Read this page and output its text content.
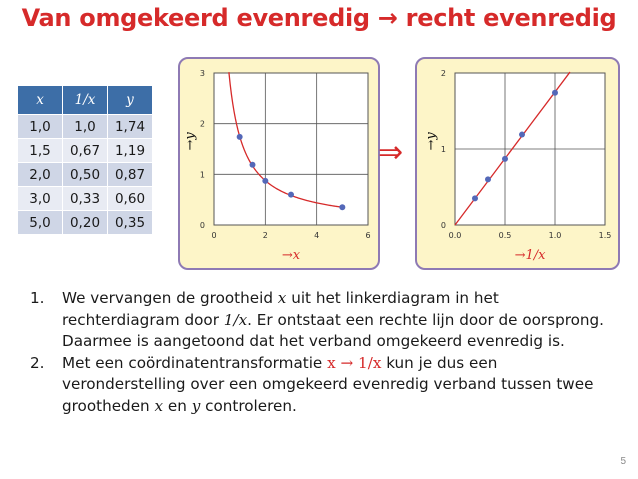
Van omgekeerd evenredig → recht evenredig
x	1/x	y
1,0	1,0	1,74
1,5	0,67	1,19
2,0	0,50	0,87
3,0	0,33	0,60
5,0	0,20	0,35
0	2	4	6
0
1
2
3
→x
→y	⇒
0.0	0.5	1.0	1.5
0
1
2
→1/x
→y
1. We vervangen de grootheid x uit het linkerdiagram in het rechterdiagram door 1/x. Er ontstaat een rechte lijn door de oorsprong. Daarmee is aangetoond dat het verband omgekeerd evenredig is.
2. Met een coördinatentransformatie x → 1/x kun je dus een veronderstelling over een omgekeerd evenredig verband tussen twee grootheden x en y controleren.
5
